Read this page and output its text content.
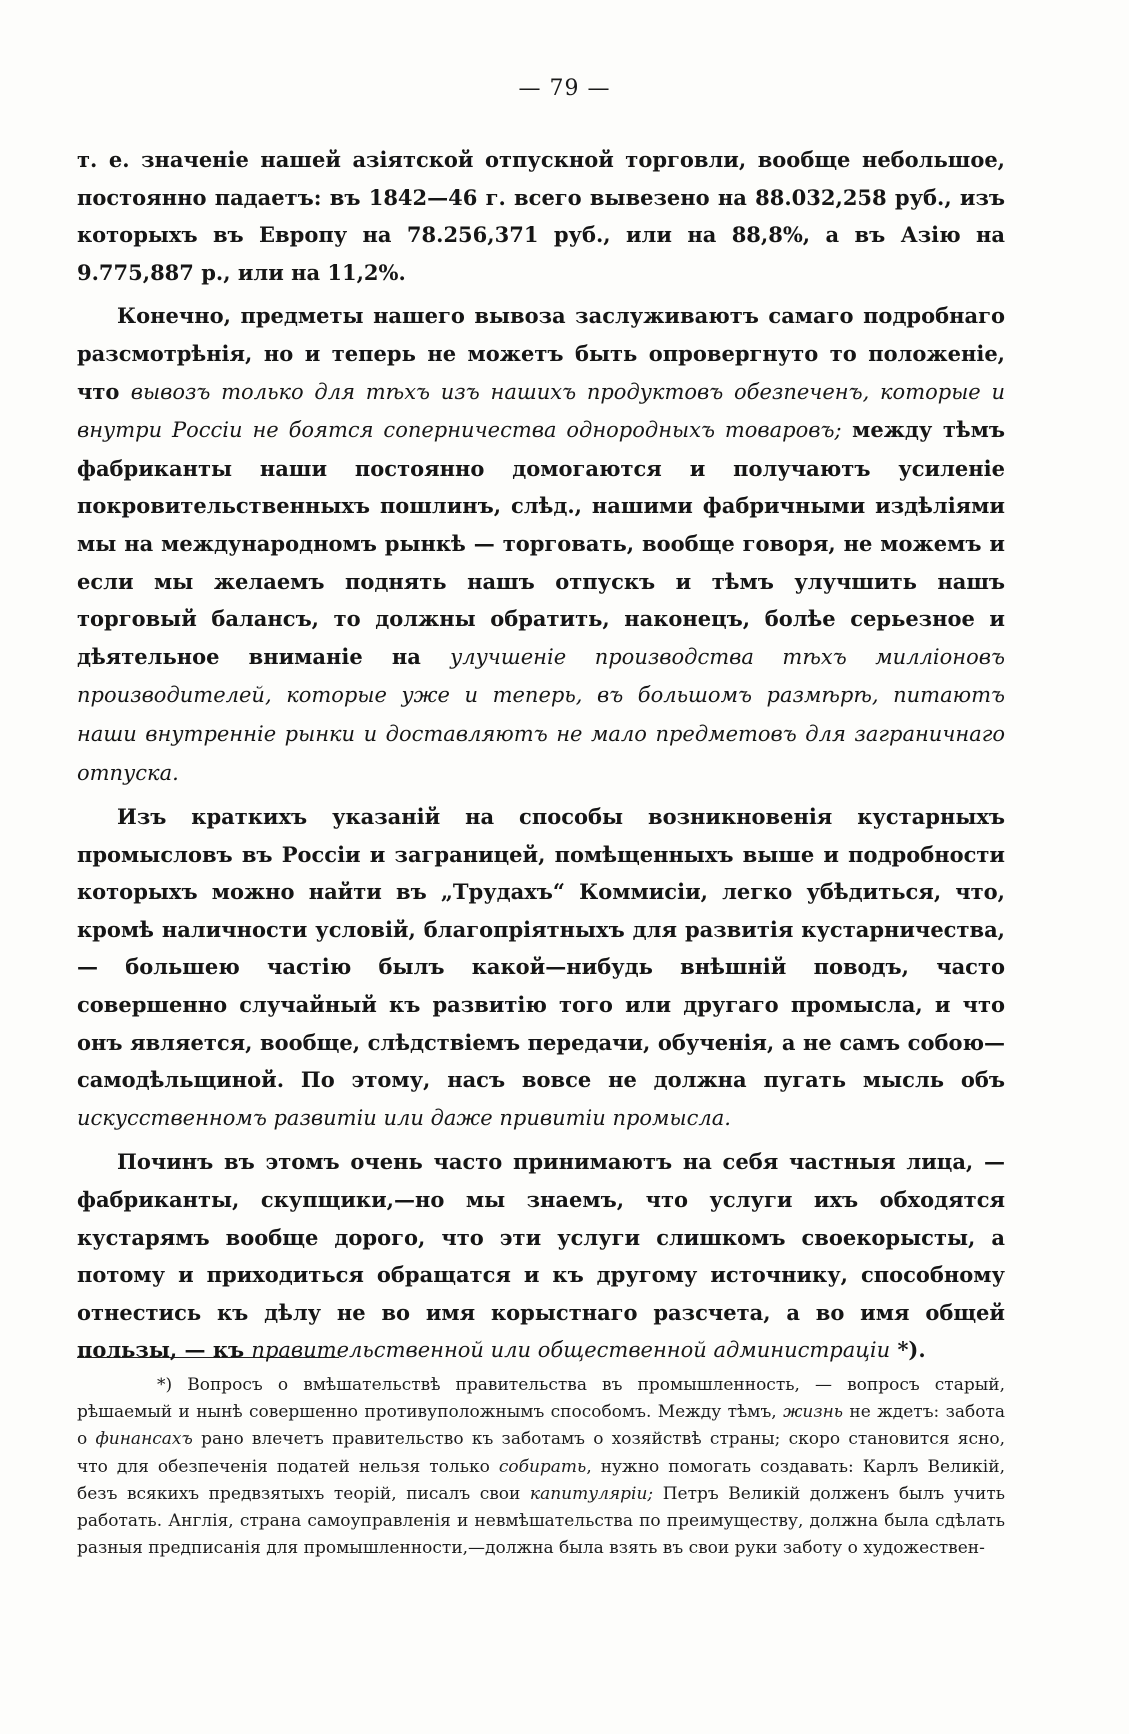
— 79 —

т. е. значеніе нашей азіятской отпускной торговли, вообще небольшое, постоянно падаетъ: въ 1842—46 г. всего вывезено на 88.032,258 руб., изъ которыхъ въ Европу на 78.256,371 руб., или на 88,8%, а въ Азію на 9.775,887 р., или на 11,2%.

Конечно, предметы нашего вывоза заслуживаютъ самаго подробнаго разсмотрѣнія, но и теперь не можетъ быть опровергнуто то положеніе, что вывозъ только для тѣхъ изъ нашихъ продуктовъ обезпеченъ, которые и внутри Россіи не боятся соперничества однородныхъ товаровъ; между тѣмъ фабриканты наши постоянно домогаются и получаютъ усиленіе покровительственныхъ пошлинъ, слѣд., нашими фабричными издѣліями мы на международномъ рынкѣ — торговать, вообще говоря, не можемъ и если мы желаемъ поднять нашъ отпускъ и тѣмъ улучшить нашъ торговый балансъ, то должны обратить, наконецъ, болѣе серьезное и дѣятельное вниманіе на улучшеніе производства тѣхъ милліоновъ производителей, которые уже и теперь, въ большомъ размѣрѣ, питаютъ наши внутренніе рынки и доставляютъ не мало предметовъ для заграничнаго отпуска.

Изъ краткихъ указаній на способы возникновенія кустарныхъ промысловъ въ Россіи и заграницей, помѣщенныхъ выше и подробности которыхъ можно найти въ „Трудахъ“ Коммисіи, легко убѣдиться, что, кромѣ наличности условій, благопріятныхъ для развитія кустарничества, — большею частію былъ какой—нибудь внѣшній поводъ, часто совершенно случайный къ развитію того или другаго промысла, и что онъ является, вообще, слѣдствіемъ передачи, обученія, а не самъ собою—самодѣльщиной. По этому, насъ вовсе не должна пугать мысль объ искусственномъ развитіи или даже привитіи промысла.

Починъ въ этомъ очень часто принимаютъ на себя частныя лица, — фабриканты, скупщики,—но мы знаемъ, что услуги ихъ обходятся кустарямъ вообще дорого, что эти услуги слишкомъ своекорысты, а потому и приходиться обращатся и къ другому источнику, способному отнестись къ дѣлу не во имя корыстнаго разсчета, а во имя общей пользы, — къ правительственной или общественной администраціи *).

*) Вопросъ о вмѣшательствѣ правительства въ промышленность, — вопросъ старый, рѣшаемый и нынѣ совершенно противуположнымъ способомъ. Между тѣмъ, жизнь не ждетъ: забота о финансахъ рано влечетъ правительство къ заботамъ о хозяйствѣ страны; скоро становится ясно, что для обезпеченія податей нельзя только собирать, нужно помогать создавать: Карлъ Великій, безъ всякихъ предвзятыхъ теорій, писалъ свои капитуляріи; Петръ Великій долженъ былъ учить работать. Англія, страна самоуправленія и невмѣшательства по преимуществу, должна была сдѣлать разныя предписанія для промышленности,—должна была взять въ свои руки заботу о художествен-
